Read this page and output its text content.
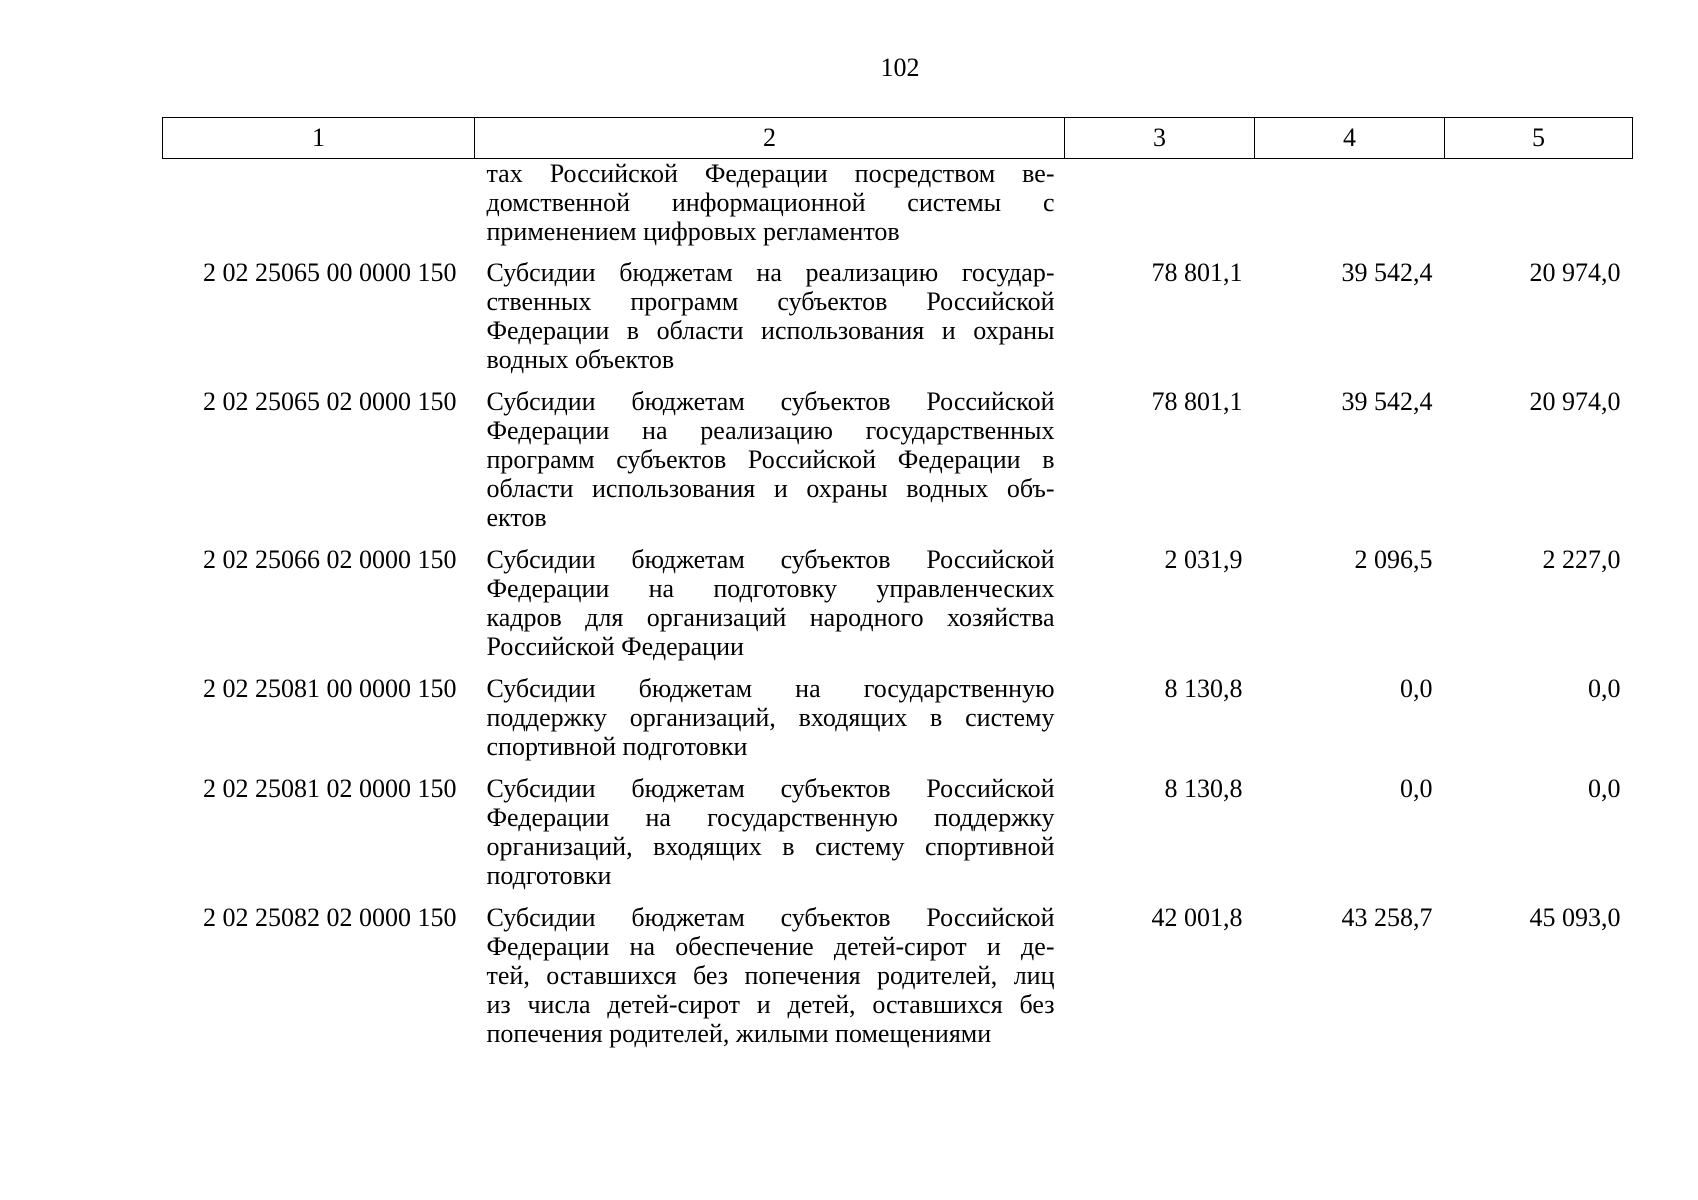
102
1	2	3	4	5

	тах Российской Федерации посредством ве-
домственной информационной системы с
применением цифровых регламентов			

2 02 25065 00 0000 150	Субсидии бюджетам на реализацию государ-
ственных программ субъектов Российской
Федерации в области использования и охраны
водных объектов	78 801,1	39 542,4	20 974,0
2 02 25065 02 0000 150	Субсидии бюджетам субъектов Российской
Федерации на реализацию государственных
программ субъектов Российской Федерации в
области использования и охраны водных объ-
ектов	78 801,1	39 542,4	20 974,0
2 02 25066 02 0000 150	Субсидии бюджетам субъектов Российской
Федерации на подготовку управленческих
кадров для организаций народного хозяйства
Российской Федерации	2 031,9	2 096,5	2 227,0
2 02 25081 00 0000 150	Субсидии бюджетам на государственную
поддержку организаций, входящих в систему
спортивной подготовки	8 130,8	0,0	0,0
2 02 25081 02 0000 150	Субсидии бюджетам субъектов Российской
Федерации на государственную поддержку
организаций, входящих в систему спортивной
подготовки	8 130,8	0,0	0,0
2 02 25082 02 0000 150	Субсидии бюджетам субъектов Российской
Федерации на обеспечение детей-сирот и де-
тей, оставшихся без попечения родителей, лиц
из числа детей-сирот и детей, оставшихся без
попечения родителей, жилыми помещениями	42 001,8	43 258,7	45 093,0
